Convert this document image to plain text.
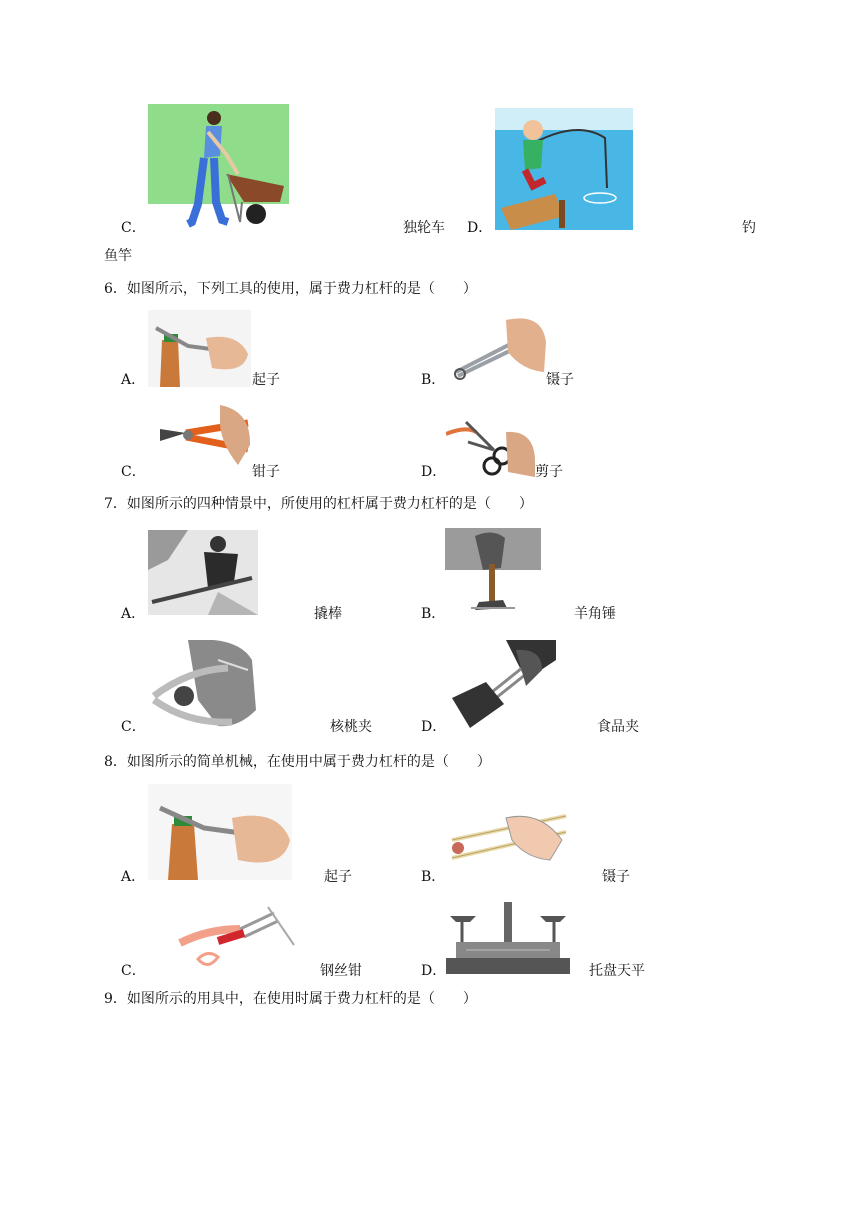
C．	独轮车 D．	钓
鱼竿
6．如图所示，下列工具的使用，属于费力杠杆的是（　　）
A．	起子	B．	镊子
C．	钳子	D．	剪子
7．如图所示的四种情景中，所使用的杠杆属于费力杠杆的是（　　）
A．	撬棒	B．	羊角锤
C．	核桃夹	D．	食品夹
8．如图所示的简单机械，在使用中属于费力杠杆的是（　　）
A．	起子	B．	镊子
C．	钢丝钳	D．	托盘天平
9．如图所示的用具中，在使用时属于费力杠杆的是（　　）
